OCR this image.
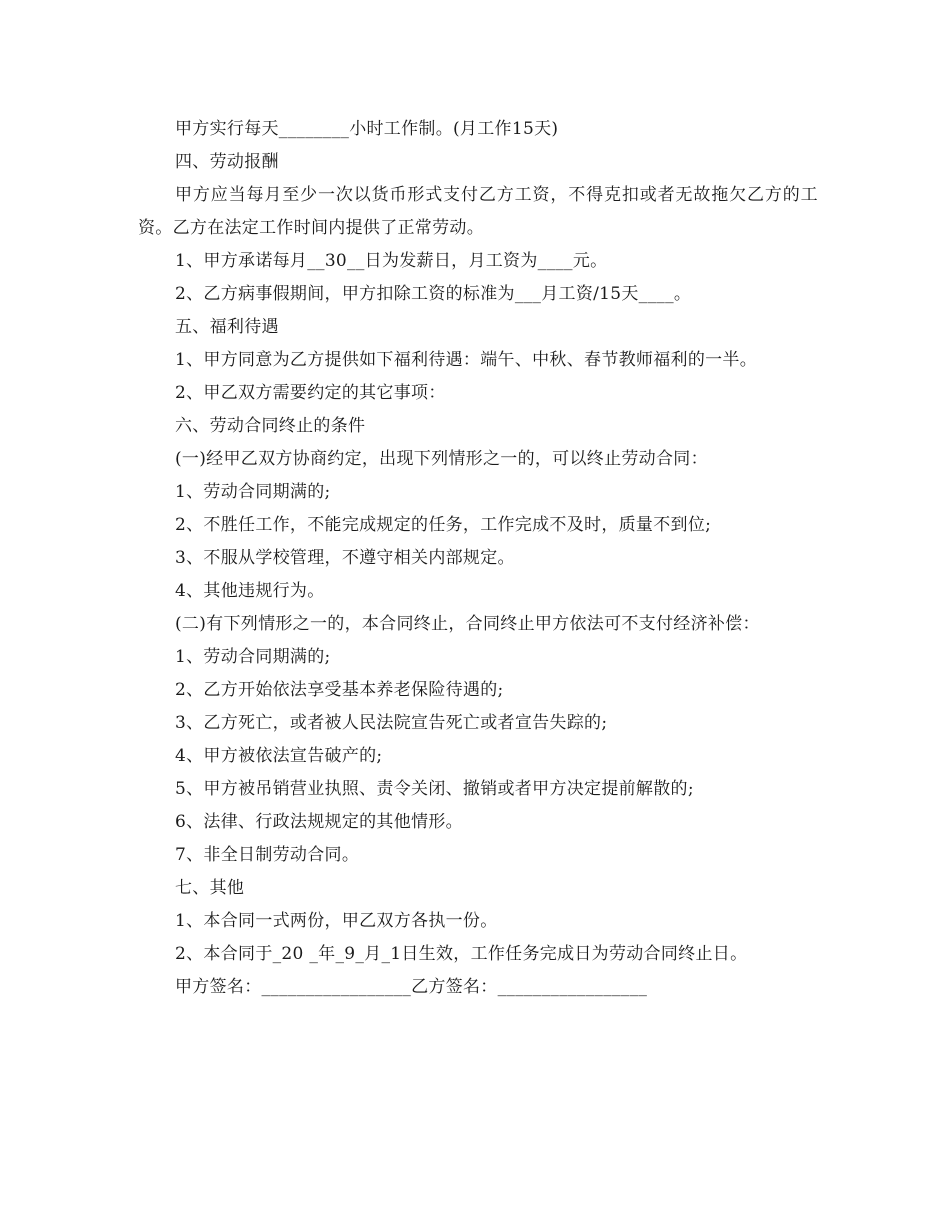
甲方实行每天________小时工作制。(月工作15天)
四、劳动报酬
甲方应当每月至少一次以货币形式支付乙方工资，不得克扣或者无故拖欠乙方的工资。乙方在法定工作时间内提供了正常劳动。
1、甲方承诺每月__30__日为发薪日，月工资为____元。
2、乙方病事假期间，甲方扣除工资的标准为___月工资/15天____。
五、福利待遇
1、甲方同意为乙方提供如下福利待遇：端午、中秋、春节教师福利的一半。
2、甲乙双方需要约定的其它事项：
六、劳动合同终止的条件
(一)经甲乙双方协商约定，出现下列情形之一的，可以终止劳动合同：
1、劳动合同期满的;
2、不胜任工作，不能完成规定的任务，工作完成不及时，质量不到位;
3、不服从学校管理，不遵守相关内部规定。
4、其他违规行为。
(二)有下列情形之一的，本合同终止，合同终止甲方依法可不支付经济补偿：
1、劳动合同期满的;
2、乙方开始依法享受基本养老保险待遇的;
3、乙方死亡，或者被人民法院宣告死亡或者宣告失踪的;
4、甲方被依法宣告破产的;
5、甲方被吊销营业执照、责令关闭、撤销或者甲方决定提前解散的;
6、法律、行政法规规定的其他情形。
7、非全日制劳动合同。
七、其他
1、本合同一式两份，甲乙双方各执一份。
2、本合同于_20 _年_9_月_1日生效，工作任务完成日为劳动合同终止日。
甲方签名：_________________乙方签名：_________________
